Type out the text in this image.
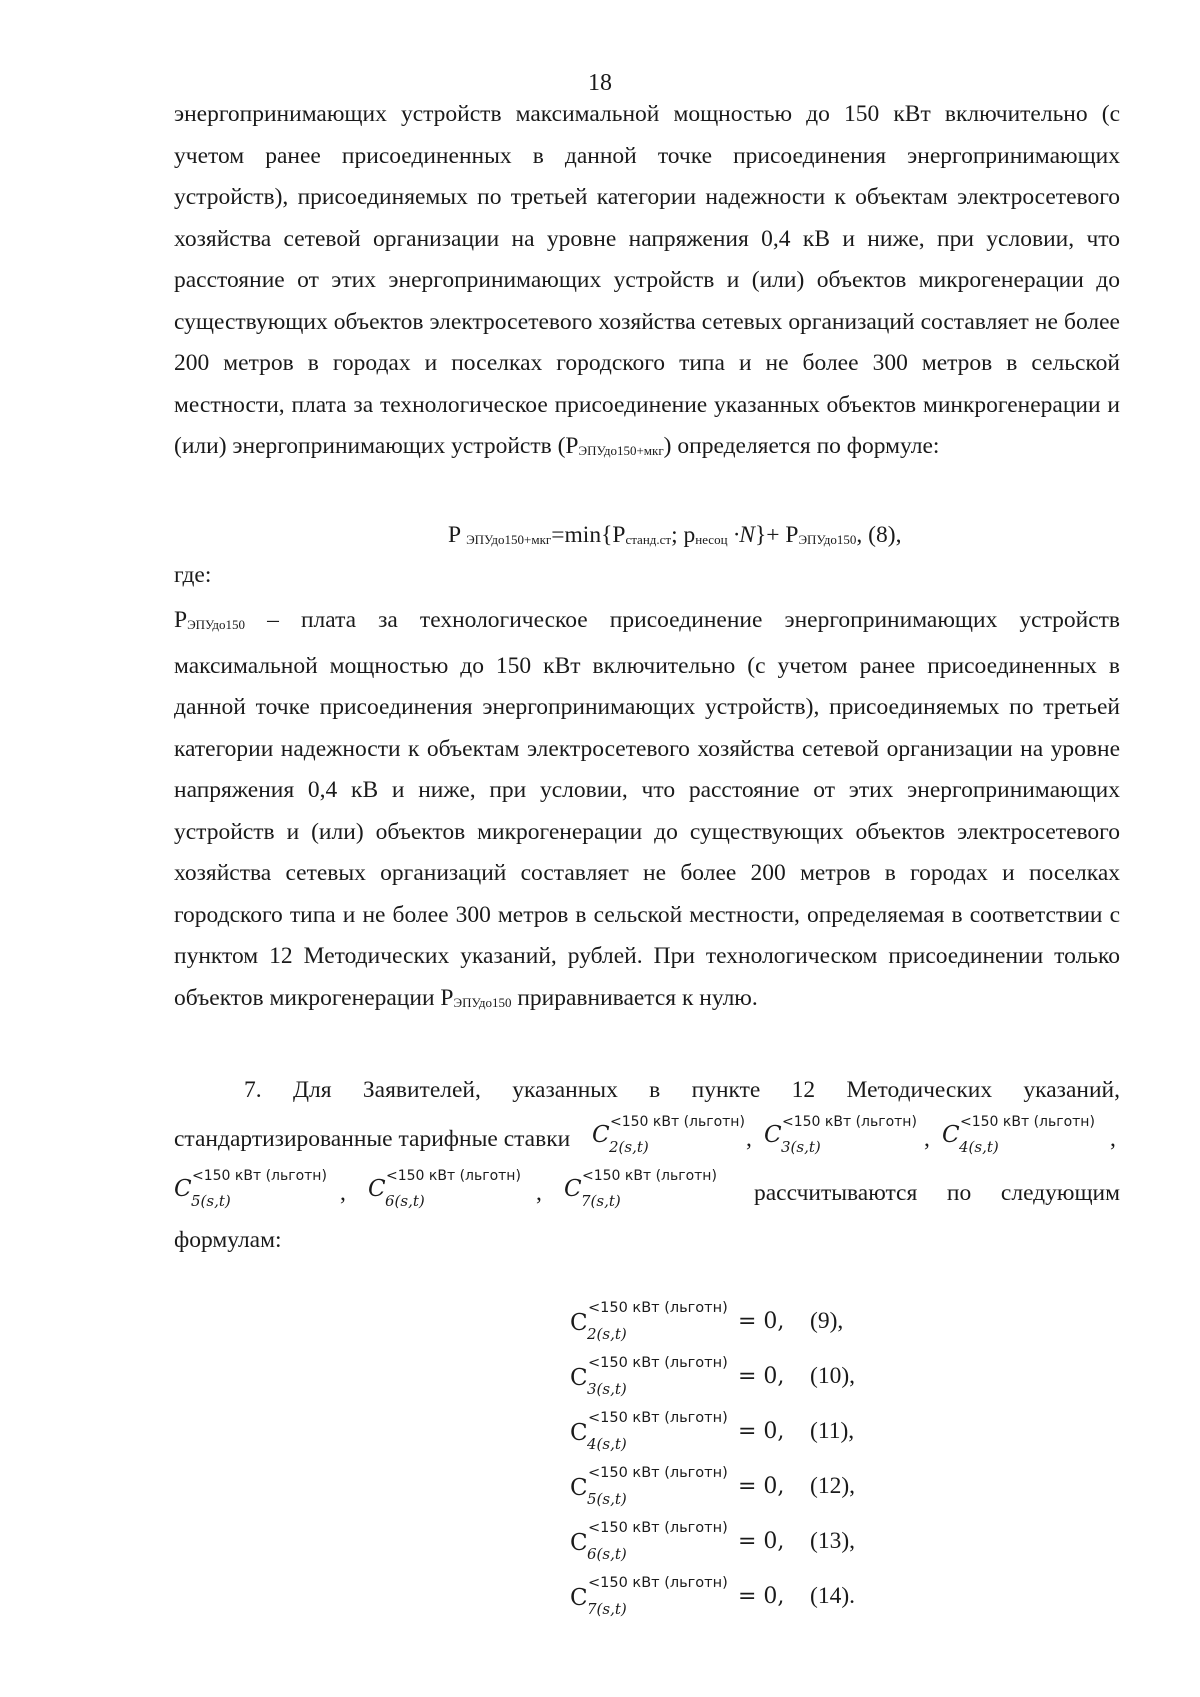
18
энергопринимающих устройств максимальной мощностью до 150 кВт включительно (с учетом ранее присоединенных в данной точке присоединения энергопринимающих устройств), присоединяемых по третьей категории надежности к объектам электросетевого хозяйства сетевой организации на уровне напряжения 0,4 кВ и ниже, при условии, что расстояние от этих энергопринимающих устройств и (или) объектов микрогенерации до существующих объектов электросетевого хозяйства сетевых организаций составляет не более 200 метров в городах и поселках городского типа и не более 300 метров в сельской местности, плата за технологическое присоединение указанных объектов минкрогенерации и (или) энергопринимающих устройств $(P_{ЭПУдо150+мкг})$ определяется по формуле:
P $_{ЭПУдо150+мкг}=\min\{P_{станд.ст}$; $p_{несоц} \cdot N\}+ P_{ЭПУдо150}$, (8),
где:
$P_{ЭПУдо150}$ – плата за технологическое присоединение энергопринимающих устройств максимальной мощностью до 150 кВт включительно (с учетом ранее присоединенных в данной точке присоединения энергопринимающих устройств), присоединяемых по третьей категории надежности к объектам электросетевого хозяйства сетевой организации на уровне напряжения 0,4 кВ и ниже, при условии, что расстояние от этих энергопринимающих устройств и (или) объектов микрогенерации до существующих объектов электросетевого хозяйства сетевых организаций составляет не более 200 метров в городах и поселках городского типа и не более 300 метров в сельской местности, определяемая в соответствии с пунктом 12 Методических указаний, рублей. При технологическом присоединении только объектов микрогенерации $P_{ЭПУдо150}$ приравнивается к нулю.
7. Для Заявителей, указанных в пункте 12 Методических указаний,
стандартизированные тарифные ставки C <150 кВт (льготн)
2(s,t)	, C <150 кВт (льготн)
3(s,t)	, C <150 кВт (льготн)
4(s,t)	,
C <150 кВт (льготн)
5(s,t)	, C <150 кВт (льготн)
6(s,t)	, C <150 кВт (льготн)
7(s,t)	рассчитываются по следующим
формулам:
C
<150 кВт (льготн)
2(s,t)	= 0, (9),
C
<150 кВт (льготн)
3(s,t)	= 0, (10),
C
<150 кВт (льготн)
4(s,t)	= 0, (11),
C
<150 кВт (льготн)
5(s,t)	= 0, (12),
C
<150 кВт (льготн)
6(s,t)	= 0, (13),
C
<150 кВт (льготн)
7(s,t)	= 0, (14).
